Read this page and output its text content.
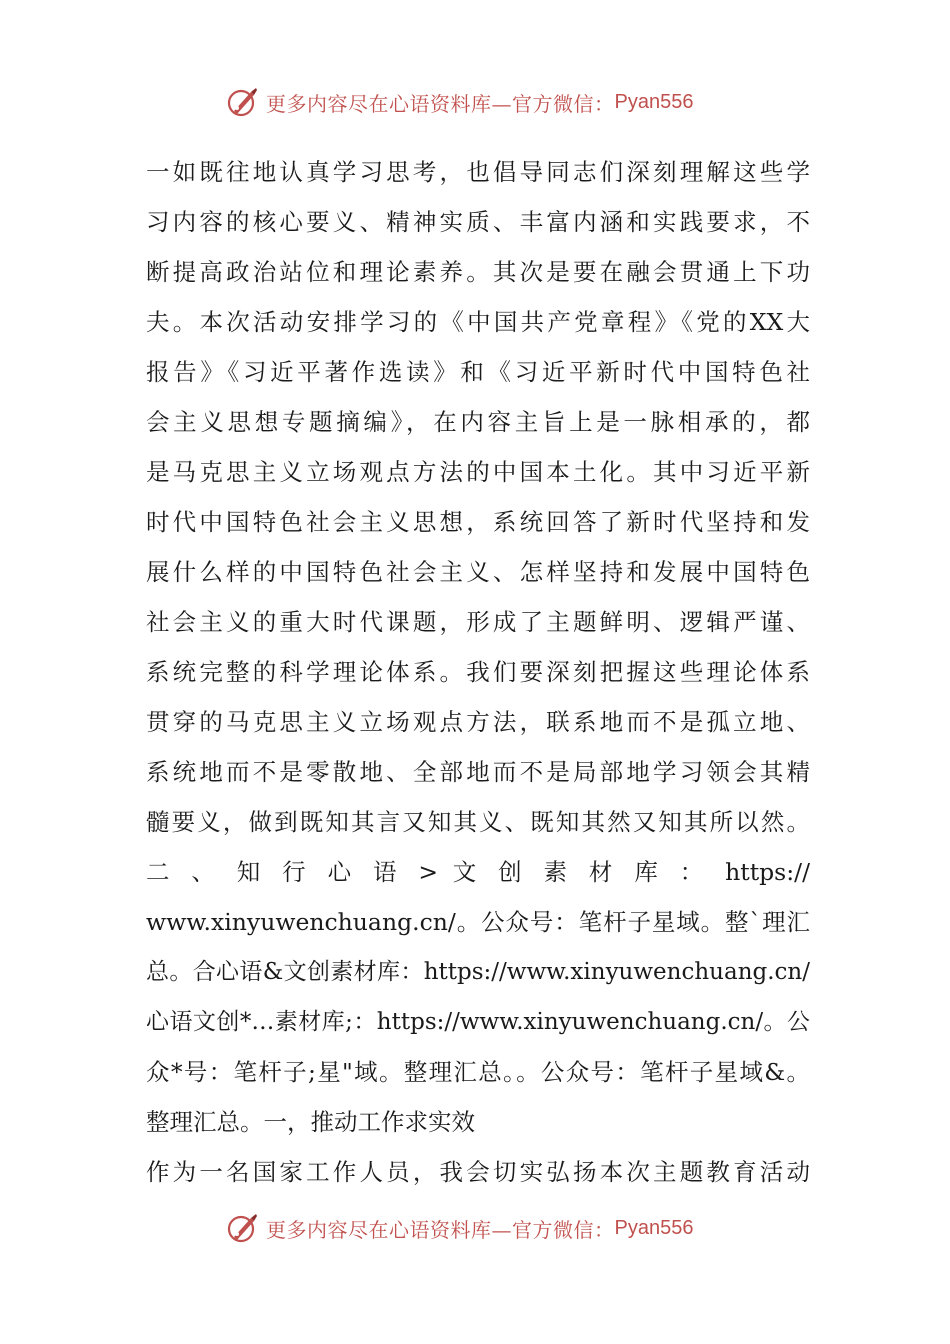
更多内容尽在心语资料库—官方微信： Pyan556
一如既往地认真学习思考，也倡导同志们深刻理解这些学
习内容的核心要义、精神实质、丰富内涵和实践要求，不
断提高政治站位和理论素养。其次是要在融会贯通上下功
夫。本次活动安排学习的《中国共产党章程》《党的XX大
报告》《习近平著作选读》和《习近平新时代中国特色社
会主义思想专题摘编》，在内容主旨上是一脉相承的，都
是马克思主义立场观点方法的中国本土化。其中习近平新
时代中国特色社会主义思想，系统回答了新时代坚持和发
展什么样的中国特色社会主义、怎样坚持和发展中国特色
社会主义的重大时代课题，形成了主题鲜明、逻辑严谨、
系统完整的科学理论体系。我们要深刻把握这些理论体系
贯穿的马克思主义立场观点方法，联系地而不是孤立地、
系统地而不是零散地、全部地而不是局部地学习领会其精
髓要义，做到既知其言又知其义、既知其然又知其所以然。
二 、 知 行 心 语 > 文 创 素 材 库 ： https://
www.xinyuwenchuang.cn/。公众号：笔杆子星域。整`理汇
总。合心语&文创素材库：https://www.xinyuwenchuang.cn/
心语文创*…素材库;：https://www.xinyuwenchuang.cn/。公
众*号：笔杆子;星"域。整理汇总。。公众号：笔杆子星域&。
整理汇总。一，推动工作求实效
作为一名国家工作人员，我会切实弘扬本次主题教育活动
更多内容尽在心语资料库—官方微信： Pyan556
